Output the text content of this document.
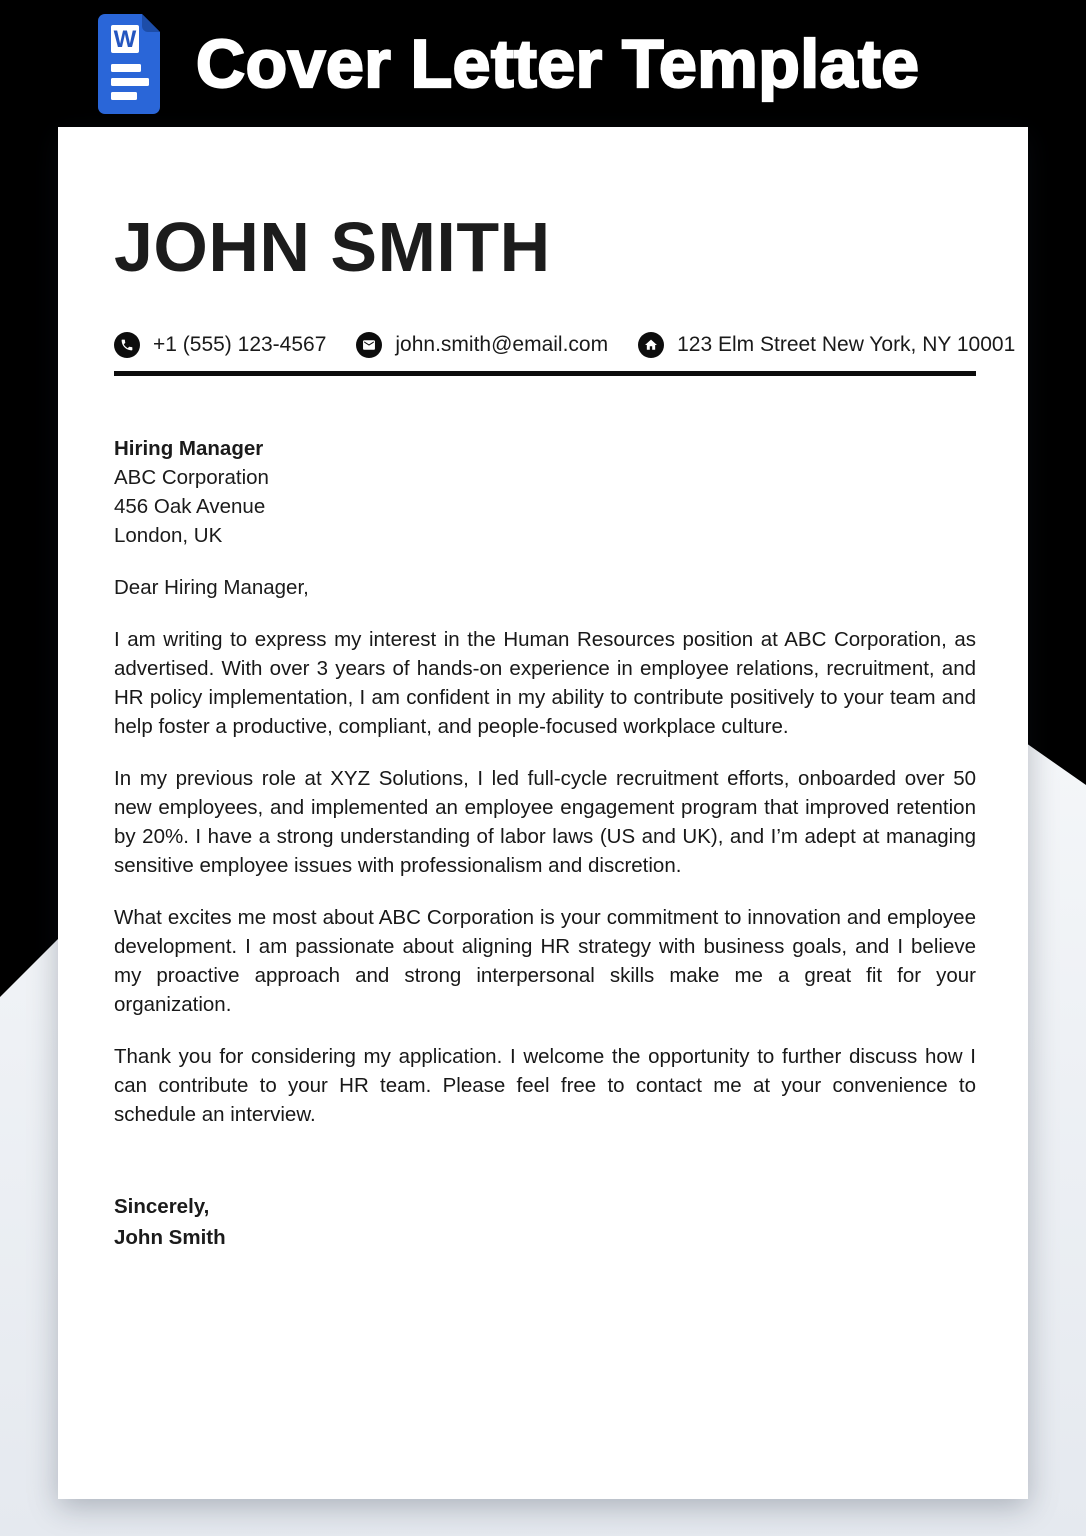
W Cover Letter Template
JOHN SMITH
+1 (555) 123-4567	john.smith@email.com	123 Elm Street New York, NY 10001
Hiring Manager
ABC Corporation
456 Oak Avenue
London, UK

Dear Hiring Manager,

I am writing to express my interest in the Human Resources position at ABC Corporation, as advertised. With over 3 years of hands-on experience in employee relations, recruitment, and HR policy implementation, I am confident in my ability to contribute positively to your team and help foster a productive, compliant, and people-focused workplace culture.

In my previous role at XYZ Solutions, I led full-cycle recruitment efforts, onboarded over 50 new employees, and implemented an employee engagement program that improved retention by 20%. I have a strong understanding of labor laws (US and UK), and I’m adept at managing sensitive employee issues with professionalism and discretion.

What excites me most about ABC Corporation is your commitment to innovation and employee development. I am passionate about aligning HR strategy with business goals, and I believe my proactive approach and strong interpersonal skills make me a great fit for your organization.

Thank you for considering my application. I welcome the opportunity to further discuss how I can contribute to your HR team. Please feel free to contact me at your convenience to schedule an interview.

Sincerely,
John Smith
